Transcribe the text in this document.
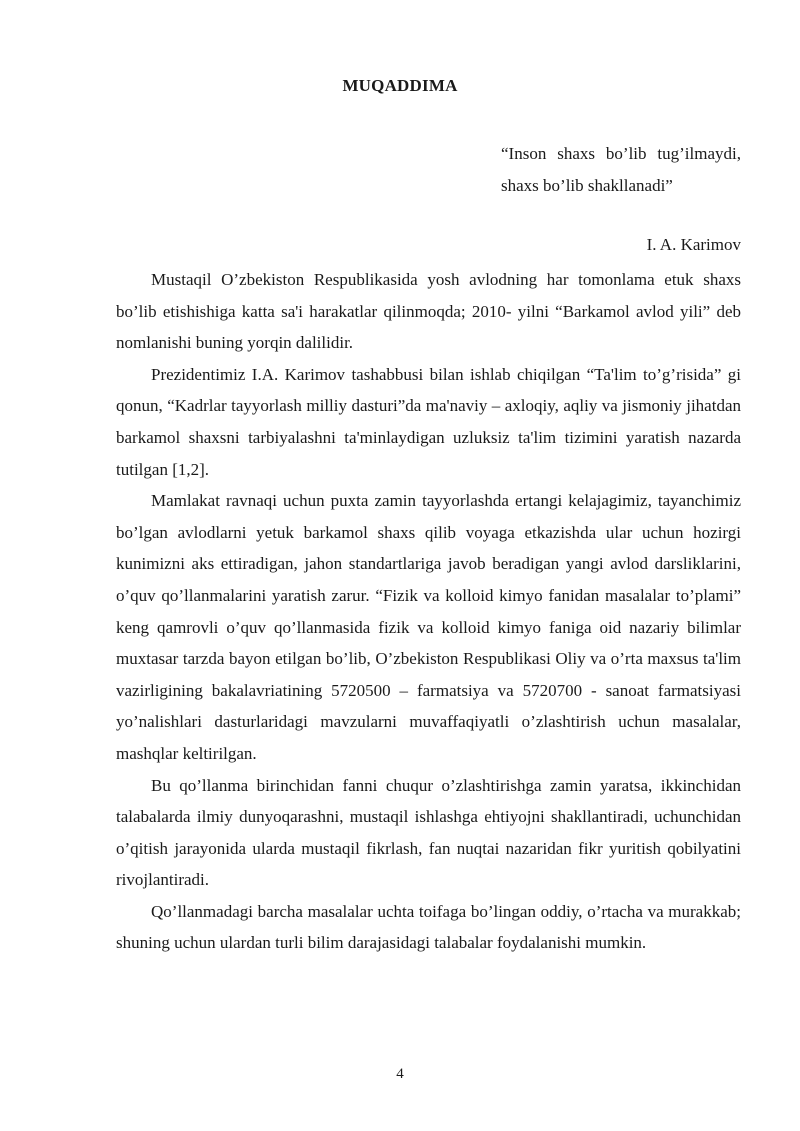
MUQADDIMA
“Inson shaxs bo’lib tug’ilmaydi, shaxs bo’lib shakllanadi”
I. A. Karimov

Mustaqil O’zbekiston Respublikasida yosh avlodning har tomonlama etuk shaxs bo’lib etishishiga katta sa'i harakatlar qilinmoqda; 2010- yilni “Barkamol avlod yili” deb nomlanishi buning yorqin dalilidir.

Prezidentimiz I.A. Karimov tashabbusi bilan ishlab chiqilgan “Ta'lim to’g’risida” gi qonun, “Kadrlar tayyorlash milliy dasturi”da ma'naviy – axloqiy, aqliy va jismoniy jihatdan barkamol shaxsni tarbiyalashni ta'minlaydigan uzluksiz ta'lim tizimini yaratish nazarda tutilgan [1,2].

Mamlakat ravnaqi uchun puxta zamin tayyorlashda ertangi kelajagimiz, tayanchimiz bo’lgan avlodlarni yetuk barkamol shaxs qilib voyaga etkazishda ular uchun hozirgi kunimizni aks ettiradigan, jahon standartlariga javob beradigan yangi avlod darsliklarini, o’quv qo’llanmalarini yaratish zarur. “Fizik va kolloid kimyo fanidan masalalar to’plami” keng qamrovli o’quv qo’llanmasida fizik va kolloid kimyo faniga oid nazariy bilimlar muxtasar tarzda bayon etilgan bo’lib, O’zbekiston Respublikasi Oliy va o’rta maxsus ta'lim vazirligining bakalavriatining 5720500 – farmatsiya va 5720700 - sanoat farmatsiyasi yo’nalishlari dasturlaridagi mavzularni muvaffaqiyatli o’zlashtirish uchun masalalar, mashqlar keltirilgan.

Bu qo’llanma birinchidan fanni chuqur o’zlashtirishga zamin yaratsa, ikkinchidan talabalarda ilmiy dunyoqarashni, mustaqil ishlashga ehtiyojni shakllantiradi, uchunchidan o’qitish jarayonida ularda mustaqil fikrlash, fan nuqtai nazaridan fikr yuritish qobilyatini rivojlantiradi.

Qo’llanmadagi barcha masalalar uchta toifaga bo’lingan oddiy, o’rtacha va murakkab; shuning uchun ulardan turli bilim darajasidagi talabalar foydalanishi mumkin.

4
